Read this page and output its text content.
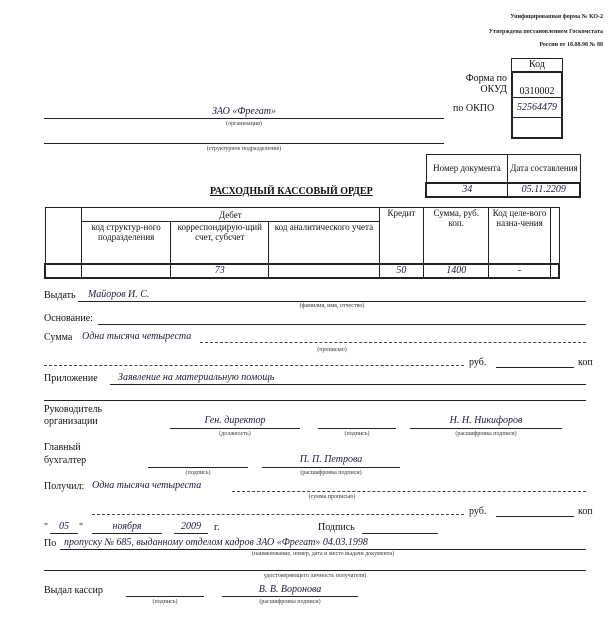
Унифицированная форма № КО-2
Утверждена постановлением Госкомстата
России от 18.08.98 № 88
Код
Форма по ОКУД	0310002
по ОКПО	52564479
ЗАО «Фрегат»
(организация)
(структурное подразделение)
Номер документа	Дата составления
34	05.11.2209
РАСХОДНЫЙ КАССОВЫЙ ОРДЕР
	Дебет			Кредит	Сумма, руб. коп.	Код целе-вого назна-чения	
	код структур-ного подразделения	корреспондирую-щий счет, субсчет	код аналитического учета				
		73		50	1400	-	
Выдать Майоров И. С.
(фамилия, имя, отчество)
Основание:
Сумма Одна тысяча четыреста
(прописью)
руб.	коп
Приложение Заявление на материальную помощь
Руководитель
организации	Ген. директор
(должность)	(подпись)
Н. Н. Никифоров
(расшифровка подписи)
Главный
бухгалтер
(подпись)
П. П. Петрова
(расшифровка подписи)
Получил: Одна тысяча четыреста
(сумма прописью)
руб.	коп
"	05	"	ноября	2009	г.	Подпись
По пропуску № 685, выданному отделом кадров ЗАО «Фрегат» 04.03.1998
(наименование, номер, дата и место выдачи документа)
удостоверяющего личность получателя)
Выдал кассир
(подпись)
В. В. Воронова
(расшифровка подписи)
